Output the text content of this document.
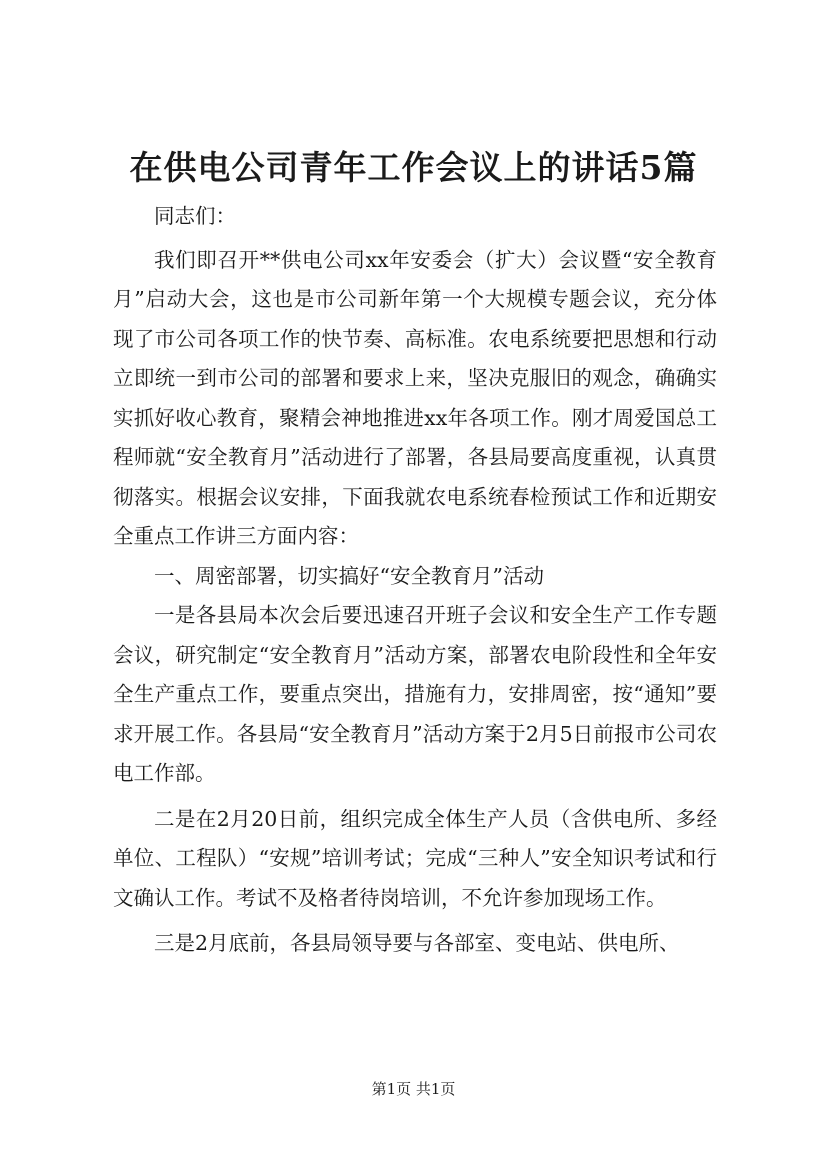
在供电公司青年工作会议上的讲话5篇

同志们：

我们即召开**供电公司xx年安委会（扩大）会议暨“安全教育月”启动大会，这也是市公司新年第一个大规模专题会议，充分体现了市公司各项工作的快节奏、高标准。农电系统要把思想和行动立即统一到市公司的部署和要求上来，坚决克服旧的观念，确确实实抓好收心教育，聚精会神地推进xx年各项工作。刚才周爱国总工程师就“安全教育月”活动进行了部署，各县局要高度重视，认真贯彻落实。根据会议安排，下面我就农电系统春检预试工作和近期安全重点工作讲三方面内容：

一、周密部署，切实搞好“安全教育月”活动

一是各县局本次会后要迅速召开班子会议和安全生产工作专题会议，研究制定“安全教育月”活动方案，部署农电阶段性和全年安全生产重点工作，要重点突出，措施有力，安排周密，按“通知”要求开展工作。各县局“安全教育月”活动方案于2月5日前报市公司农电工作部。

二是在2月20日前，组织完成全体生产人员（含供电所、多经单位、工程队）“安规”培训考试；完成“三种人”安全知识考试和行文确认工作。考试不及格者待岗培训，不允许参加现场工作。

三是2月底前，各县局领导要与各部室、变电站、供电所、

第1页 共1页
